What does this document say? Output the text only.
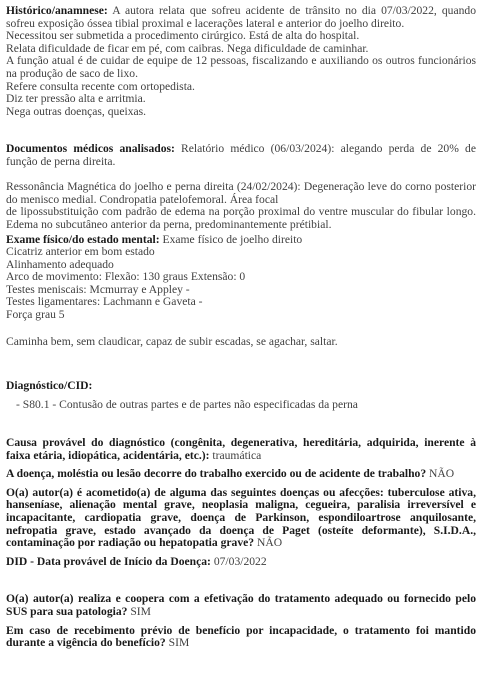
Histórico/anamnese: A autora relata que sofreu acidente de trânsito no dia 07/03/2022, quando sofreu exposição óssea tibial proximal e lacerações lateral e anterior do joelho direito.

Necessitou ser submetida a procedimento cirúrgico. Está de alta do hospital.

Relata dificuldade de ficar em pé, com caibras. Nega dificuldade de caminhar.

A função atual é de cuidar de equipe de 12 pessoas, fiscalizando e auxiliando os outros funcionários na produção de saco de lixo.

Refere consulta recente com ortopedista.

Diz ter pressão alta e arritmia.

Nega outras doenças, queixas.

Documentos médicos analisados: Relatório médico (06/03/2024): alegando perda de 20% de função de perna direita.

Ressonância Magnética do joelho e perna direita (24/02/2024): Degeneração leve do corno posterior do menisco medial. Condropatia patelofemoral. Área focal

de lipossubstituição com padrão de edema na porção proximal do ventre muscular do fibular longo. Edema no subcutâneo anterior da perna, predominantemente prétibial.

Exame físico/do estado mental: Exame físico de joelho direito

Cicatriz anterior em bom estado

Alinhamento adequado

Arco de movimento: Flexão: 130 graus Extensão: 0

Testes meniscais: Mcmurray e Appley -

Testes ligamentares: Lachmann e Gaveta -

Força grau 5

Caminha bem, sem claudicar, capaz de subir escadas, se agachar, saltar.

Diagnóstico/CID:

- S80.1 - Contusão de outras partes e de partes não especificadas da perna

Causa provável do diagnóstico (congênita, degenerativa, hereditária, adquirida, inerente à faixa etária, idiopática, acidentária, etc.): traumática

A doença, moléstia ou lesão decorre do trabalho exercido ou de acidente de trabalho? NÃO

O(a) autor(a) é acometido(a) de alguma das seguintes doenças ou afecções: tuberculose ativa, hanseníase, alienação mental grave, neoplasia maligna, cegueira, paralisia irreversível e incapacitante, cardiopatia grave, doença de Parkinson, espondiloartrose anquilosante, nefropatia grave, estado avançado da doença de Paget (osteíte deformante), S.I.D.A., contaminação por radiação ou hepatopatia grave? NÃO

DID - Data provável de Início da Doença: 07/03/2022

O(a) autor(a) realiza e coopera com a efetivação do tratamento adequado ou fornecido pelo SUS para sua patologia? SIM

Em caso de recebimento prévio de benefício por incapacidade, o tratamento foi mantido durante a vigência do benefício? SIM
